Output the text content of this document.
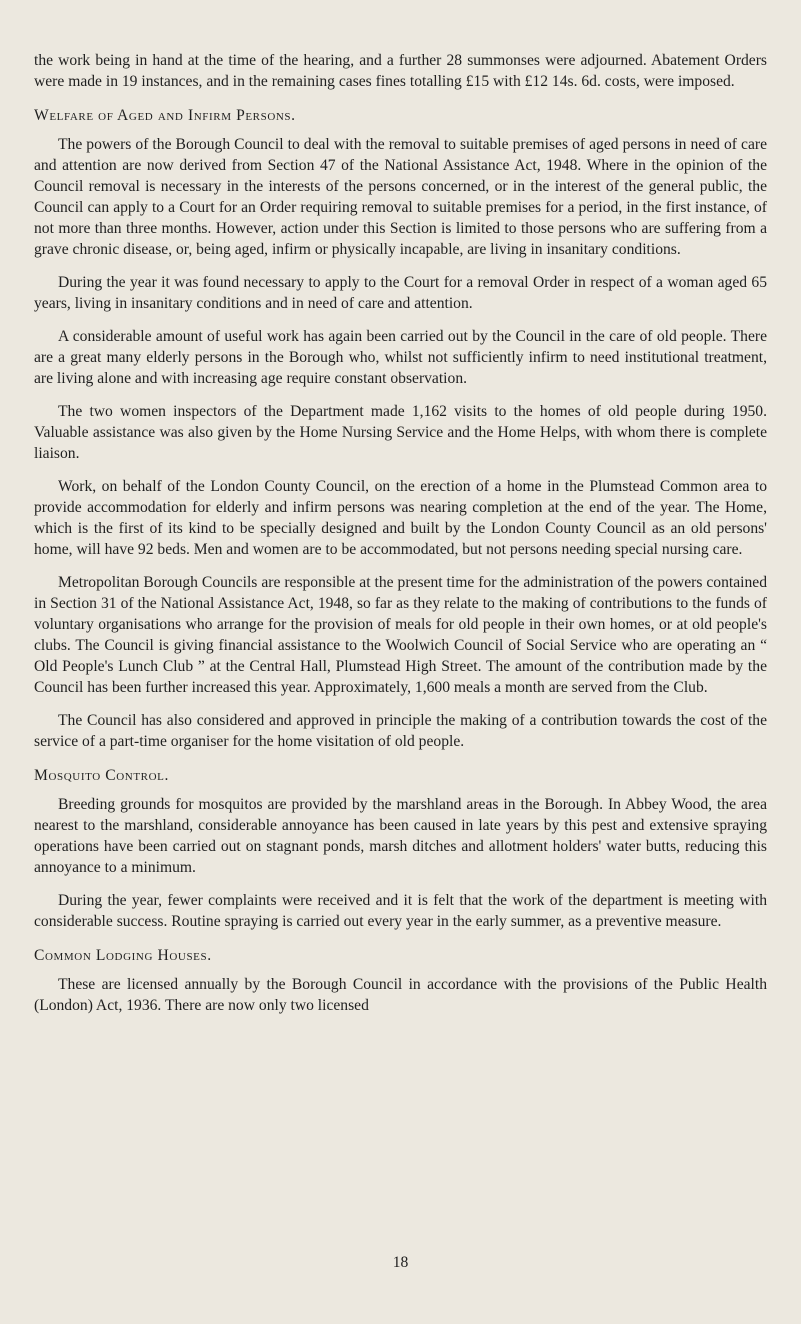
the work being in hand at the time of the hearing, and a further 28 summonses were adjourned. Abatement Orders were made in 19 instances, and in the remaining cases fines totalling £15 with £12 14s. 6d. costs, were imposed.

Welfare of Aged and Infirm Persons.

The powers of the Borough Council to deal with the removal to suitable premises of aged persons in need of care and attention are now derived from Section 47 of the National Assistance Act, 1948. Where in the opinion of the Council removal is necessary in the interests of the persons concerned, or in the interest of the general public, the Council can apply to a Court for an Order requiring removal to suitable premises for a period, in the first instance, of not more than three months. However, action under this Section is limited to those persons who are suffering from a grave chronic disease, or, being aged, infirm or physically incapable, are living in insanitary conditions.

During the year it was found necessary to apply to the Court for a removal Order in respect of a woman aged 65 years, living in insanitary conditions and in need of care and attention.

A considerable amount of useful work has again been carried out by the Council in the care of old people. There are a great many elderly persons in the Borough who, whilst not sufficiently infirm to need institutional treatment, are living alone and with increasing age require constant observation.

The two women inspectors of the Department made 1,162 visits to the homes of old people during 1950. Valuable assistance was also given by the Home Nursing Service and the Home Helps, with whom there is complete liaison.

Work, on behalf of the London County Council, on the erection of a home in the Plumstead Common area to provide accommodation for elderly and infirm persons was nearing completion at the end of the year. The Home, which is the first of its kind to be specially designed and built by the London County Council as an old persons' home, will have 92 beds. Men and women are to be accommodated, but not persons needing special nursing care.

Metropolitan Borough Councils are responsible at the present time for the administration of the powers contained in Section 31 of the National Assistance Act, 1948, so far as they relate to the making of contributions to the funds of voluntary organisations who arrange for the provision of meals for old people in their own homes, or at old people's clubs. The Council is giving financial assistance to the Woolwich Council of Social Service who are operating an “ Old People's Lunch Club ” at the Central Hall, Plumstead High Street. The amount of the contribution made by the Council has been further increased this year. Approximately, 1,600 meals a month are served from the Club.

The Council has also considered and approved in principle the making of a contribution towards the cost of the service of a part-time organiser for the home visitation of old people.

Mosquito Control.

Breeding grounds for mosquitos are provided by the marshland areas in the Borough. In Abbey Wood, the area nearest to the marshland, considerable annoyance has been caused in late years by this pest and extensive spraying operations have been carried out on stagnant ponds, marsh ditches and allotment holders' water butts, reducing this annoyance to a minimum.

During the year, fewer complaints were received and it is felt that the work of the department is meeting with considerable success. Routine spraying is carried out every year in the early summer, as a preventive measure.

Common Lodging Houses.

These are licensed annually by the Borough Council in accordance with the provisions of the Public Health (London) Act, 1936. There are now only two licensed

18
